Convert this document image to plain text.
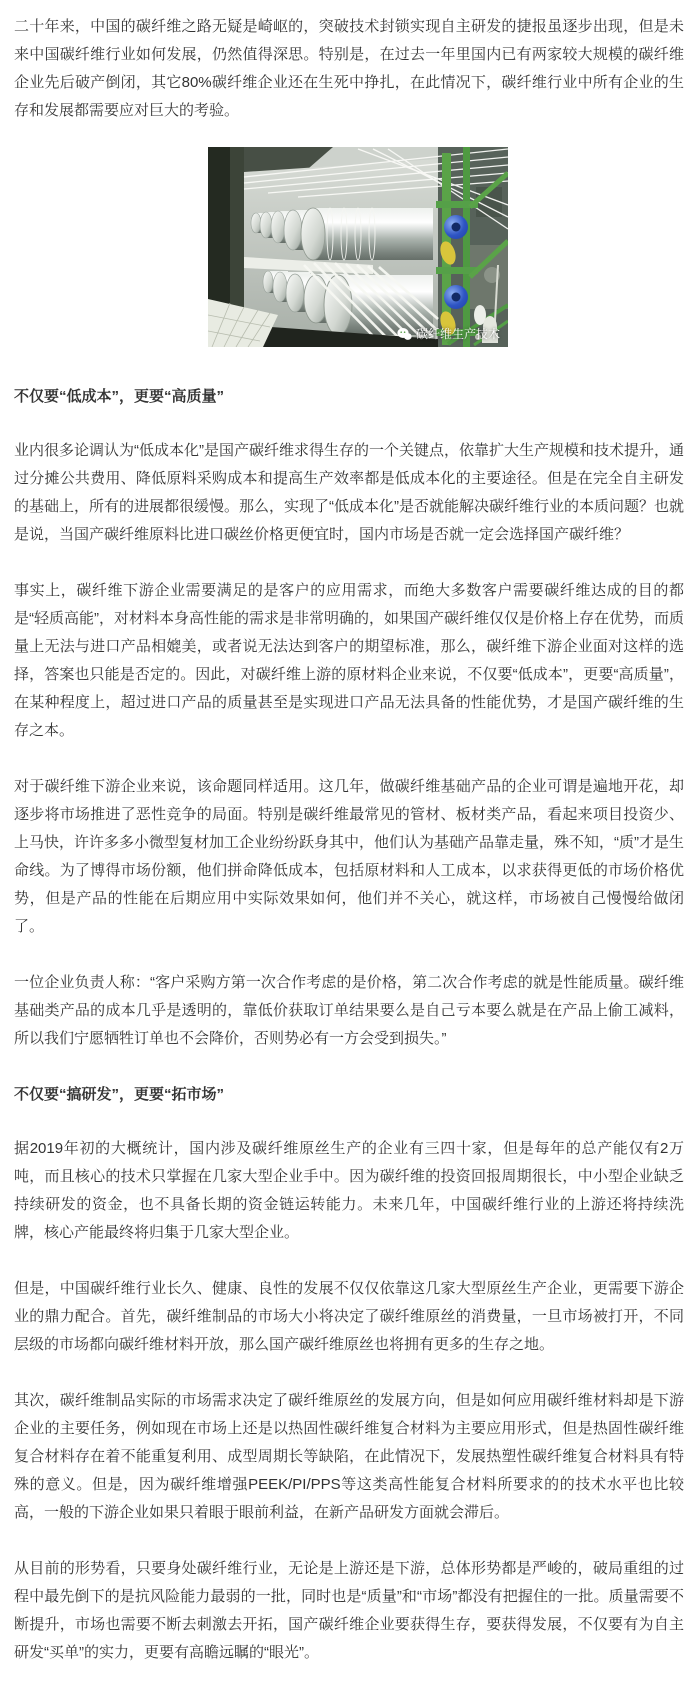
二十年来，中国的碳纤维之路无疑是崎岖的，突破技术封锁实现自主研发的捷报虽逐步出现，但是未来中国碳纤维行业如何发展，仍然值得深思。特别是，在过去一年里国内已有两家较大规模的碳纤维企业先后破产倒闭，其它80%碳纤维企业还在生死中挣扎，在此情况下，碳纤维行业中所有企业的生存和发展都需要应对巨大的考验。

碳纤维生产技术
不仅要“低成本”，更要“高质量”

业内很多论调认为“低成本化”是国产碳纤维求得生存的一个关键点，依靠扩大生产规模和技术提升，通过分摊公共费用、降低原料采购成本和提高生产效率都是低成本化的主要途径。但是在完全自主研发的基础上，所有的进展都很缓慢。那么，实现了“低成本化”是否就能解决碳纤维行业的本质问题？也就是说，当国产碳纤维原料比进口碳丝价格更便宜时，国内市场是否就一定会选择国产碳纤维？

事实上，碳纤维下游企业需要满足的是客户的应用需求，而绝大多数客户需要碳纤维达成的目的都是“轻质高能”，对材料本身高性能的需求是非常明确的，如果国产碳纤维仅仅是价格上存在优势，而质量上无法与进口产品相媲美，或者说无法达到客户的期望标准，那么，碳纤维下游企业面对这样的选择，答案也只能是否定的。因此，对碳纤维上游的原材料企业来说，不仅要“低成本”，更要“高质量”，在某种程度上，超过进口产品的质量甚至是实现进口产品无法具备的性能优势，才是国产碳纤维的生存之本。

对于碳纤维下游企业来说，该命题同样适用。这几年，做碳纤维基础产品的企业可谓是遍地开花，却逐步将市场推进了恶性竞争的局面。特别是碳纤维最常见的管材、板材类产品，看起来项目投资少、上马快，许许多多小微型复材加工企业纷纷跃身其中，他们认为基础产品靠走量，殊不知，“质”才是生命线。为了博得市场份额，他们拼命降低成本，包括原材料和人工成本，以求获得更低的市场价格优势，但是产品的性能在后期应用中实际效果如何，他们并不关心，就这样，市场被自己慢慢给做闭了。

一位企业负责人称：“客户采购方第一次合作考虑的是价格，第二次合作考虑的就是性能质量。碳纤维基础类产品的成本几乎是透明的，靠低价获取订单结果要么是自己亏本要么就是在产品上偷工减料，所以我们宁愿牺牲订单也不会降价，否则势必有一方会受到损失。”

不仅要“搞研发”，更要“拓市场”

据2019年初的大概统计，国内涉及碳纤维原丝生产的企业有三四十家，但是每年的总产能仅有2万吨，而且核心的技术只掌握在几家大型企业手中。因为碳纤维的投资回报周期很长，中小型企业缺乏持续研发的资金，也不具备长期的资金链运转能力。未来几年，中国碳纤维行业的上游还将持续洗牌，核心产能最终将归集于几家大型企业。

但是，中国碳纤维行业长久、健康、良性的发展不仅仅依靠这几家大型原丝生产企业，更需要下游企业的鼎力配合。首先，碳纤维制品的市场大小将决定了碳纤维原丝的消费量，一旦市场被打开，不同层级的市场都向碳纤维材料开放，那么国产碳纤维原丝也将拥有更多的生存之地。

其次，碳纤维制品实际的市场需求决定了碳纤维原丝的发展方向，但是如何应用碳纤维材料却是下游企业的主要任务，例如现在市场上还是以热固性碳纤维复合材料为主要应用形式，但是热固性碳纤维复合材料存在着不能重复利用、成型周期长等缺陷，在此情况下，发展热塑性碳纤维复合材料具有特殊的意义。但是，因为碳纤维增强PEEK/PI/PPS等这类高性能复合材料所要求的的技术水平也比较高，一般的下游企业如果只着眼于眼前利益，在新产品研发方面就会滞后。

从目前的形势看，只要身处碳纤维行业，无论是上游还是下游，总体形势都是严峻的，破局重组的过程中最先倒下的是抗风险能力最弱的一批，同时也是“质量”和“市场”都没有把握住的一批。质量需要不断提升，市场也需要不断去刺激去开拓，国产碳纤维企业要获得生存，要获得发展，不仅要有为自主研发“买单”的实力，更要有高瞻远瞩的“眼光”。
